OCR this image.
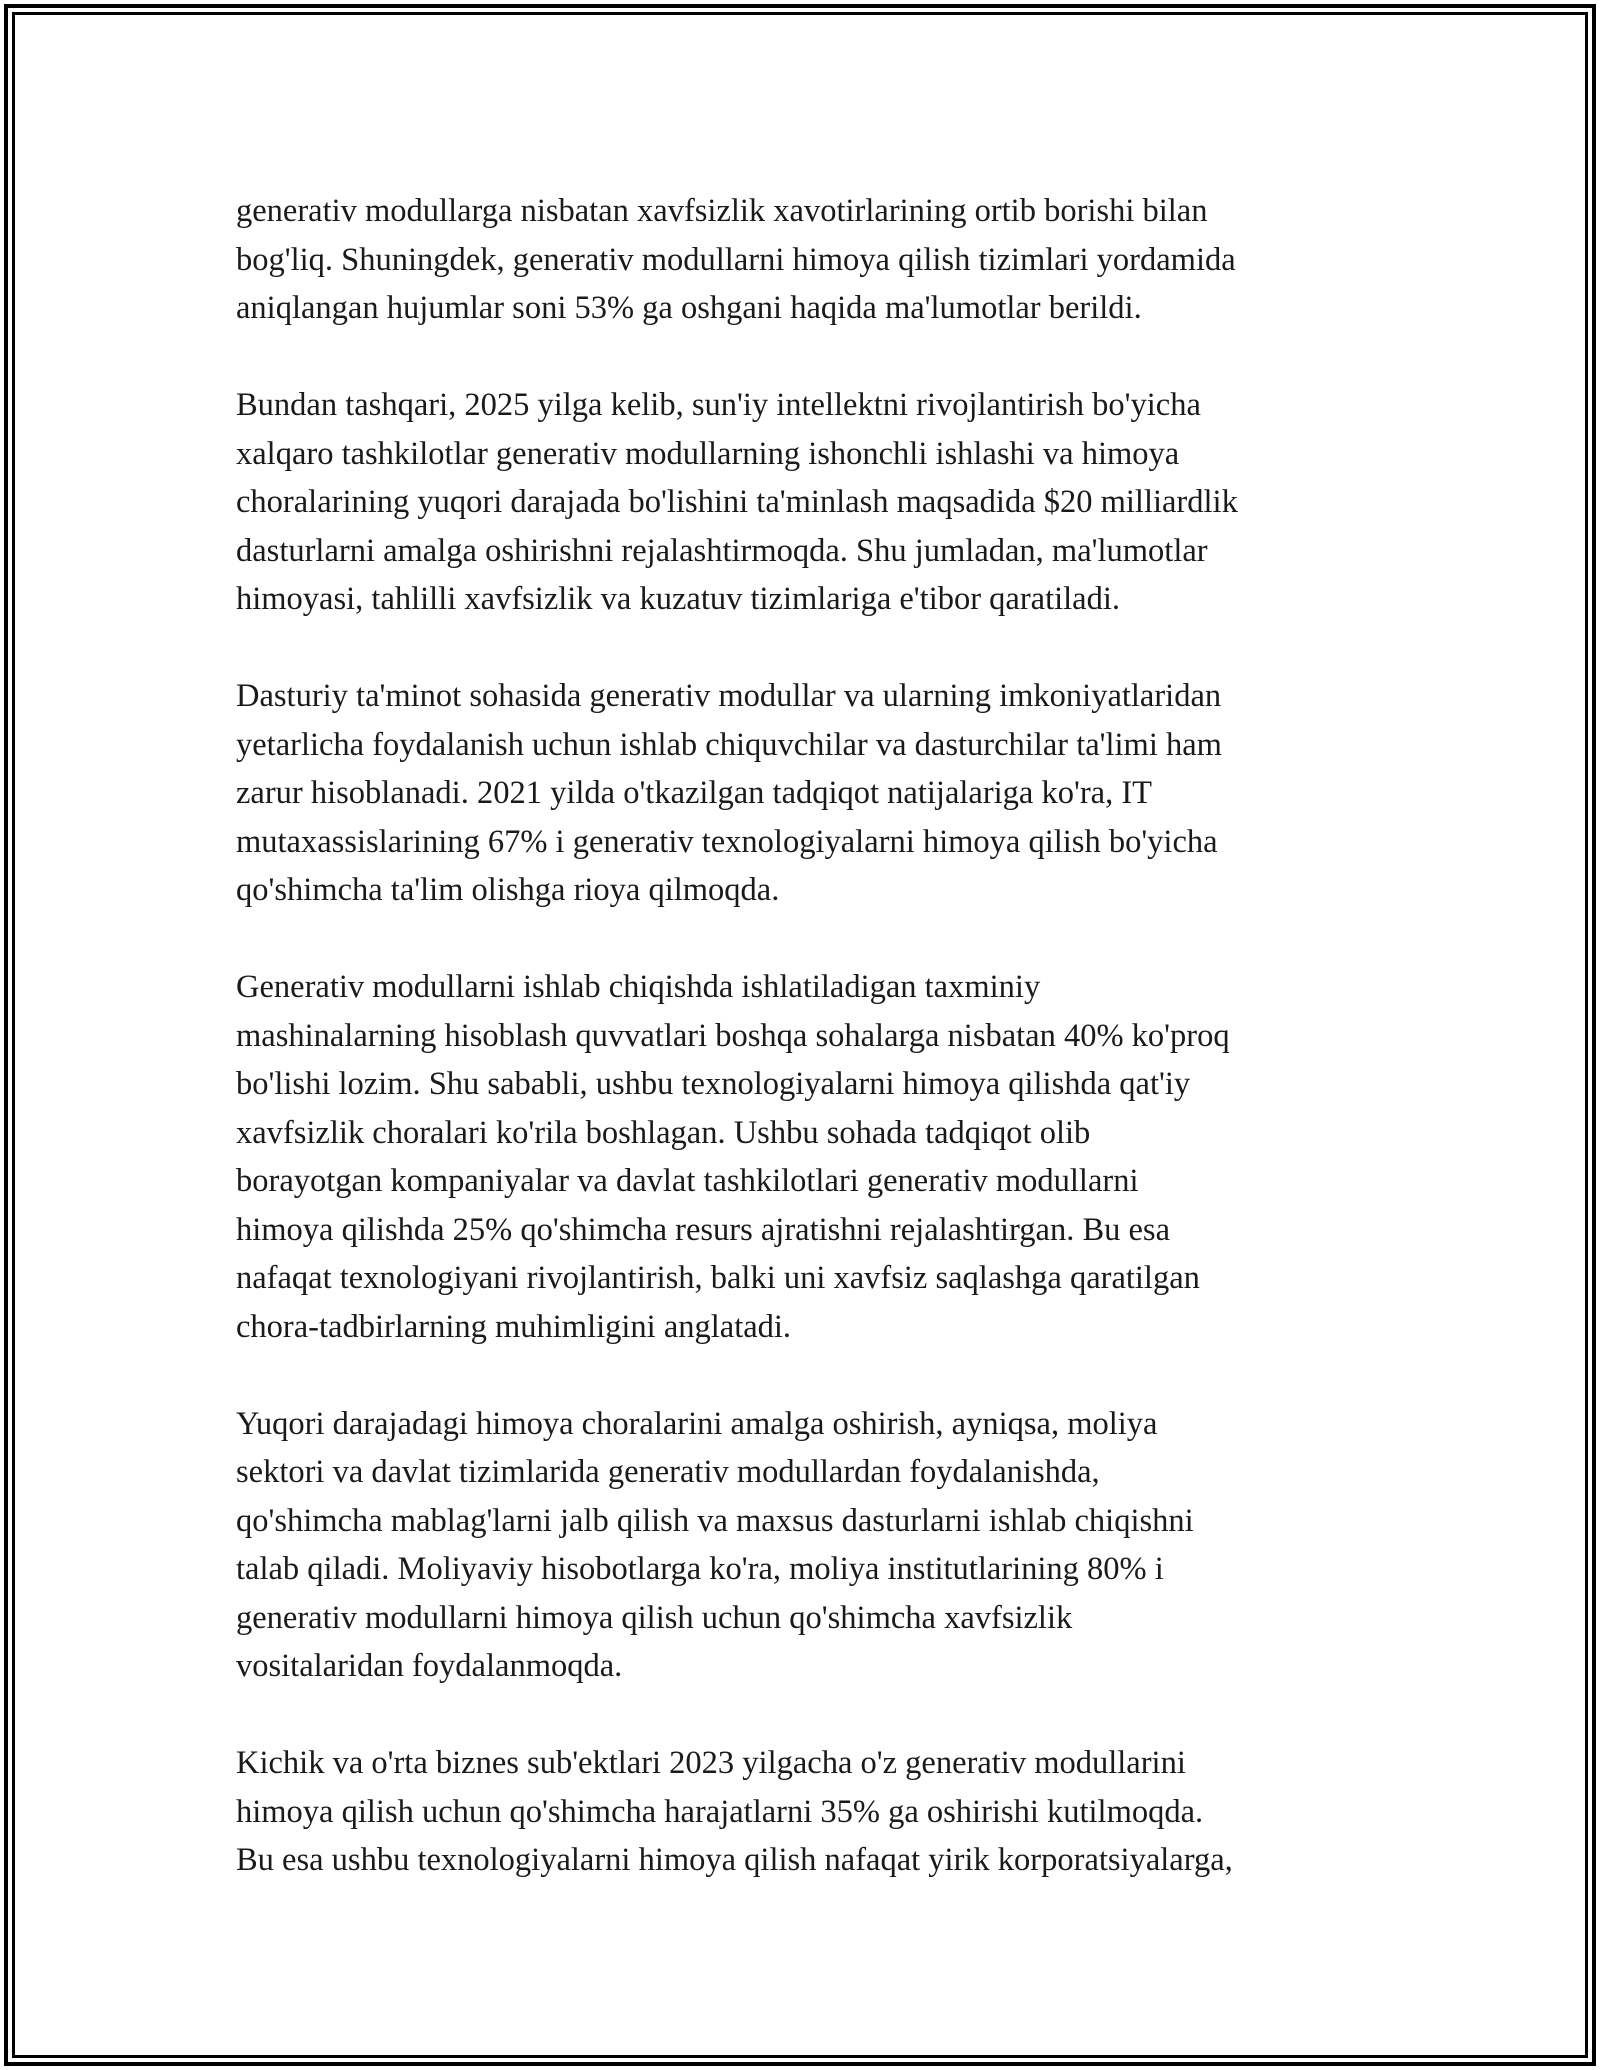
generativ modullarga nisbatan xavfsizlik xavotirlarining ortib borishi bilan
bog'liq. Shuningdek, generativ modullarni himoya qilish tizimlari yordamida
aniqlangan hujumlar soni 53% ga oshgani haqida ma'lumotlar berildi.

Bundan tashqari, 2025 yilga kelib, sun'iy intellektni rivojlantirish bo'yicha
xalqaro tashkilotlar generativ modullarning ishonchli ishlashi va himoya
choralarining yuqori darajada bo'lishini ta'minlash maqsadida $20 milliardlik
dasturlarni amalga oshirishni rejalashtirmoqda. Shu jumladan, ma'lumotlar
himoyasi, tahlilli xavfsizlik va kuzatuv tizimlariga e'tibor qaratiladi.

Dasturiy ta'minot sohasida generativ modullar va ularning imkoniyatlaridan
yetarlicha foydalanish uchun ishlab chiquvchilar va dasturchilar ta'limi ham
zarur hisoblanadi. 2021 yilda o'tkazilgan tadqiqot natijalariga ko'ra, IT
mutaxassislarining 67% i generativ texnologiyalarni himoya qilish bo'yicha
qo'shimcha ta'lim olishga rioya qilmoqda.

Generativ modullarni ishlab chiqishda ishlatiladigan taxminiy
mashinalarning hisoblash quvvatlari boshqa sohalarga nisbatan 40% ko'proq
bo'lishi lozim. Shu sababli, ushbu texnologiyalarni himoya qilishda qat'iy
xavfsizlik choralari ko'rila boshlagan. Ushbu sohada tadqiqot olib
borayotgan kompaniyalar va davlat tashkilotlari generativ modullarni
himoya qilishda 25% qo'shimcha resurs ajratishni rejalashtirgan. Bu esa
nafaqat texnologiyani rivojlantirish, balki uni xavfsiz saqlashga qaratilgan
chora-tadbirlarning muhimligini anglatadi.

Yuqori darajadagi himoya choralarini amalga oshirish, ayniqsa, moliya
sektori va davlat tizimlarida generativ modullardan foydalanishda,
qo'shimcha mablag'larni jalb qilish va maxsus dasturlarni ishlab chiqishni
talab qiladi. Moliyaviy hisobotlarga ko'ra, moliya institutlarining 80% i
generativ modullarni himoya qilish uchun qo'shimcha xavfsizlik
vositalaridan foydalanmoqda.

Kichik va o'rta biznes sub'ektlari 2023 yilgacha o'z generativ modullarini
himoya qilish uchun qo'shimcha harajatlarni 35% ga oshirishi kutilmoqda.
Bu esa ushbu texnologiyalarni himoya qilish nafaqat yirik korporatsiyalarga,
